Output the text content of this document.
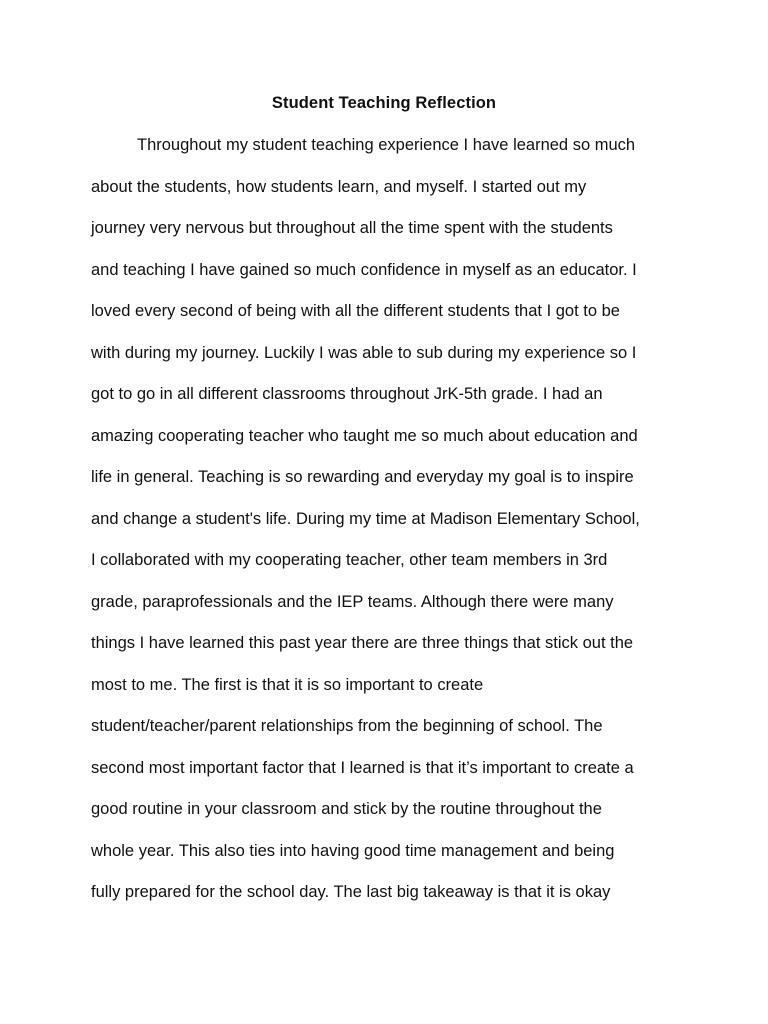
Student Teaching Reflection
Throughout my student teaching experience I have learned so much
about the students, how students learn, and myself. I started out my
journey very nervous but throughout all the time spent with the students
and teaching I have gained so much confidence in myself as an educator. I
loved every second of being with all the different students that I got to be
with during my journey. Luckily I was able to sub during my experience so I
got to go in all different classrooms throughout JrK-5th grade. I had an
amazing cooperating teacher who taught me so much about education and
life in general. Teaching is so rewarding and everyday my goal is to inspire
and change a student's life. During my time at Madison Elementary School,
I collaborated with my cooperating teacher, other team members in 3rd
grade, paraprofessionals and the IEP teams. Although there were many
things I have learned this past year there are three things that stick out the
most to me. The first is that it is so important to create
student/teacher/parent relationships from the beginning of school. The
second most important factor that I learned is that it’s important to create a
good routine in your classroom and stick by the routine throughout the
whole year. This also ties into having good time management and being
fully prepared for the school day. The last big takeaway is that it is okay
